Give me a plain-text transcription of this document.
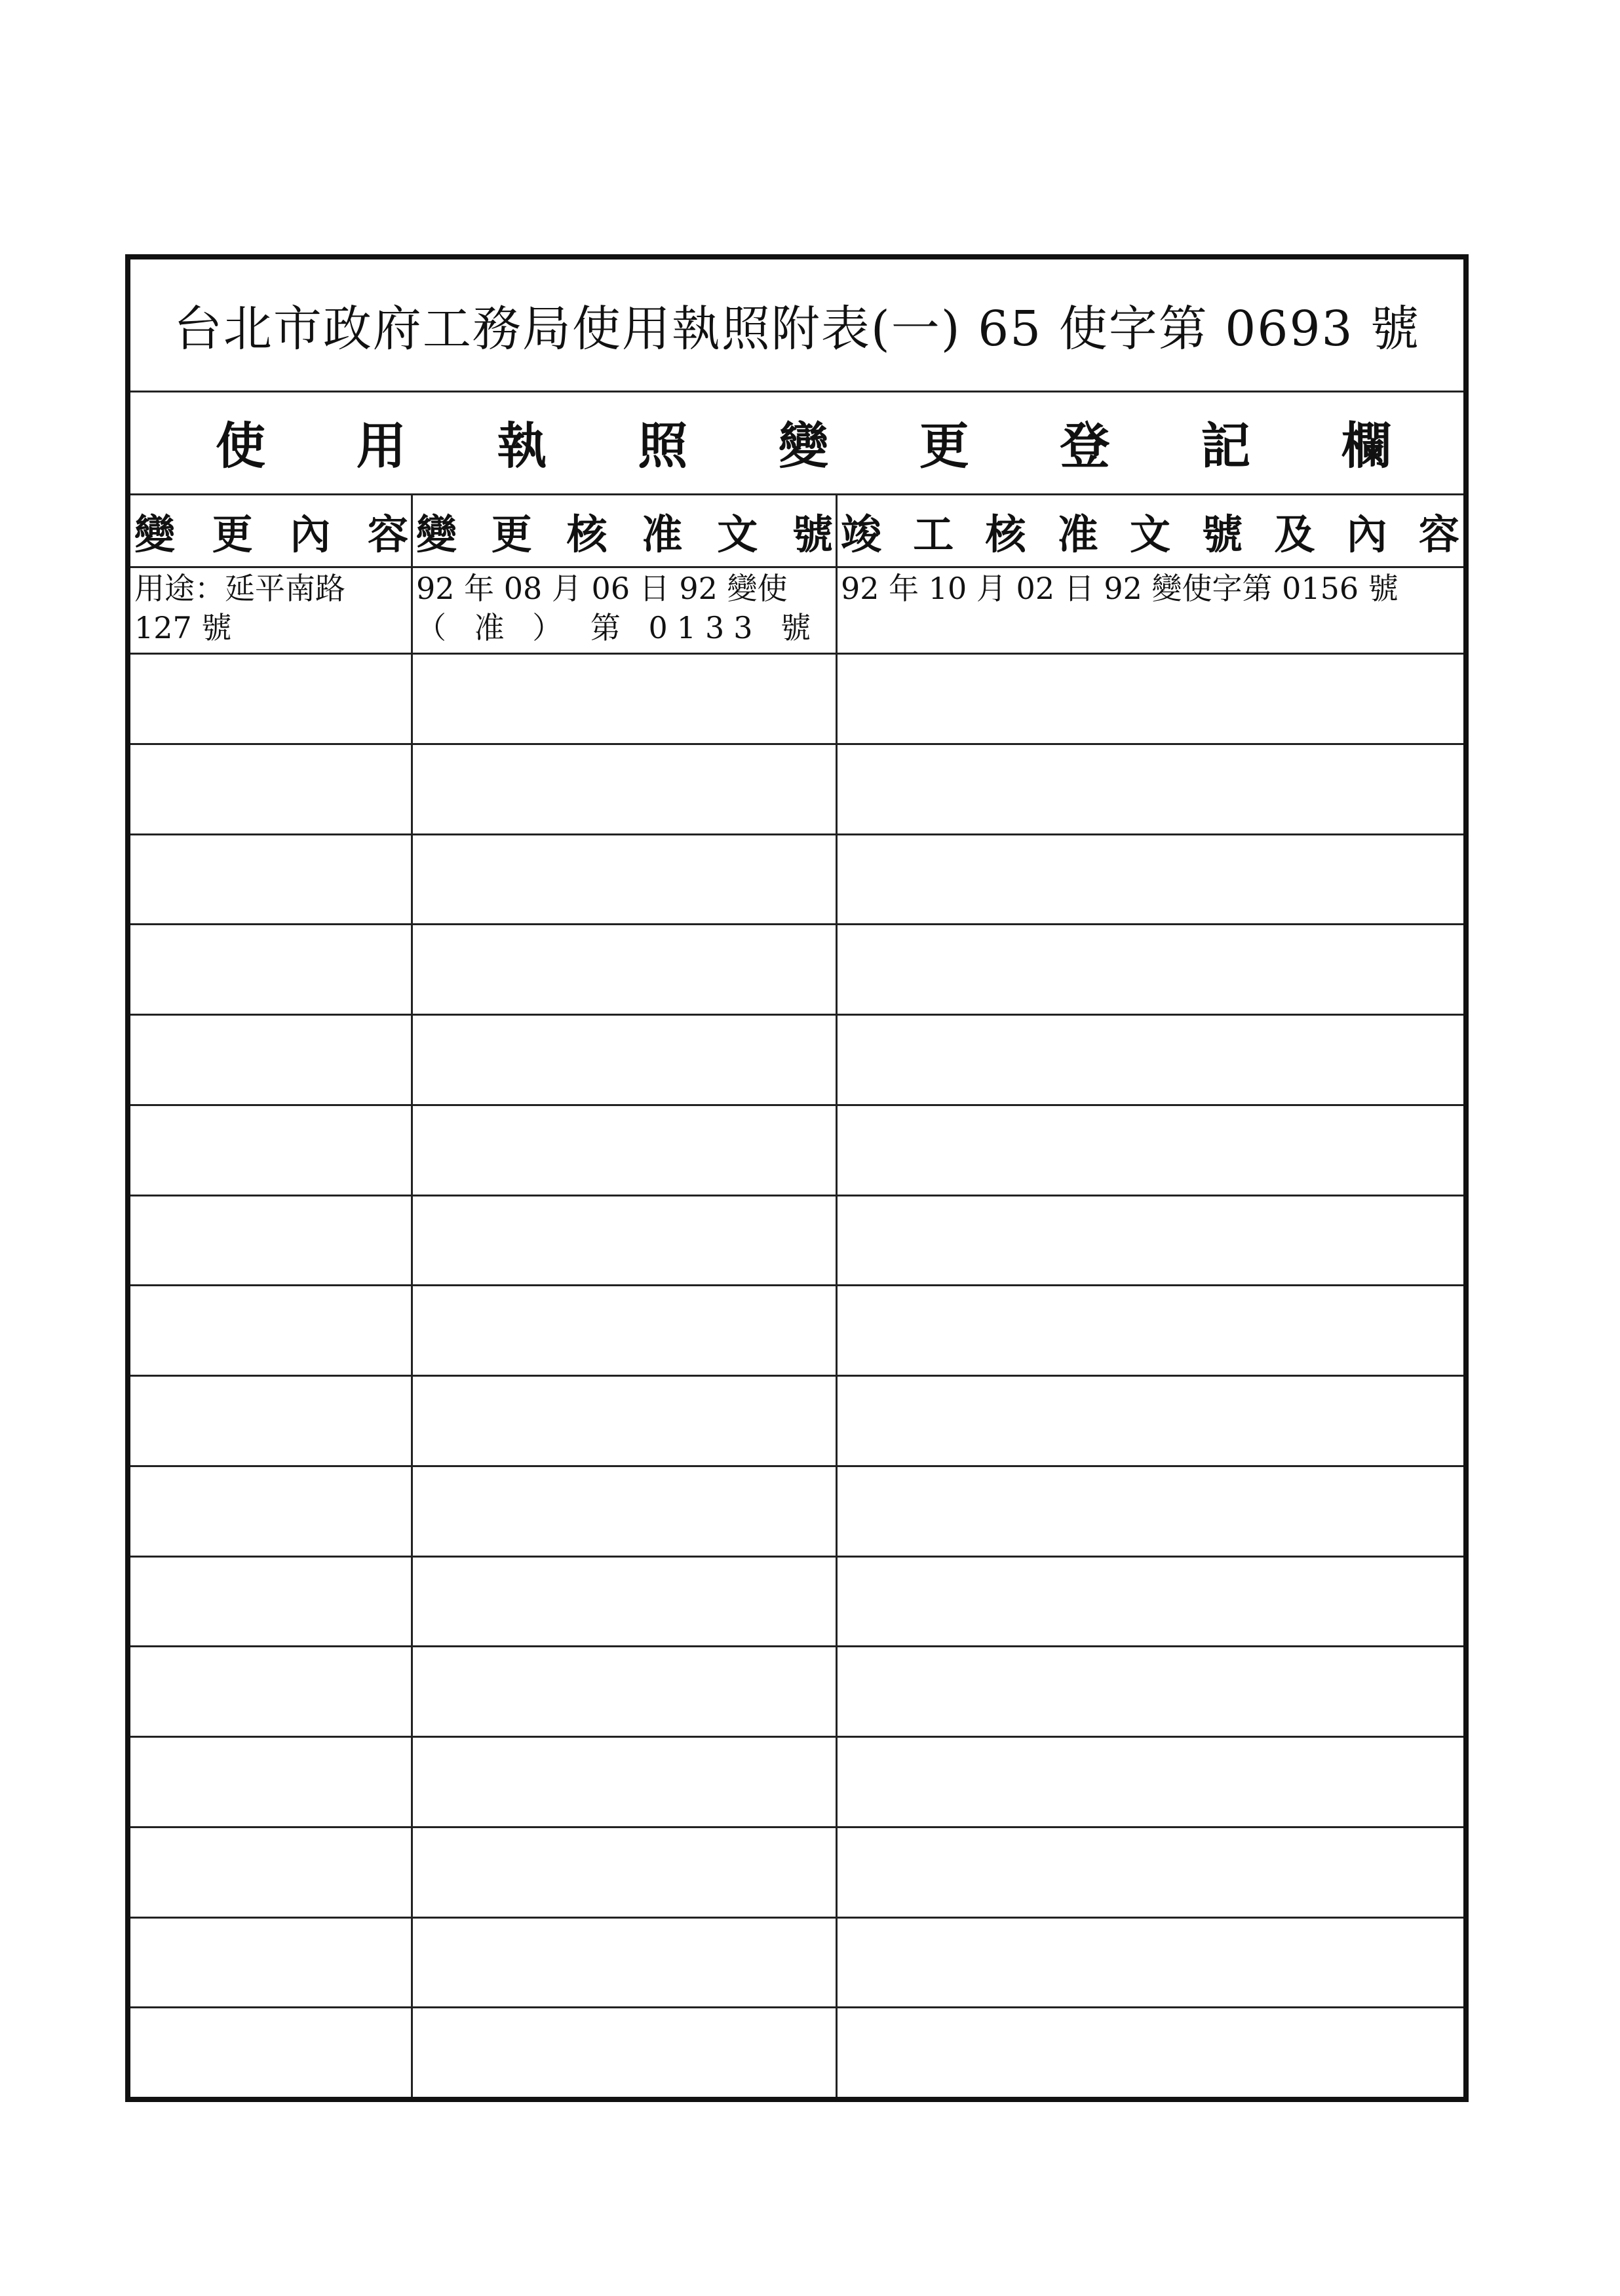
台北市政府工務局使用執照附表(一) 65 使字第 0693 號
使 用 執 照 變 更 登 記 欄
變 更 內 容 變 更 核 准 文 號 竣 工 核 准 文 號 及 內 容
用途：延平南路
127 號
92 年 08 月 06 日 92 變使
（ 准 ） 第 0133 號
92 年 10 月 02 日 92 變使字第 0156 號
